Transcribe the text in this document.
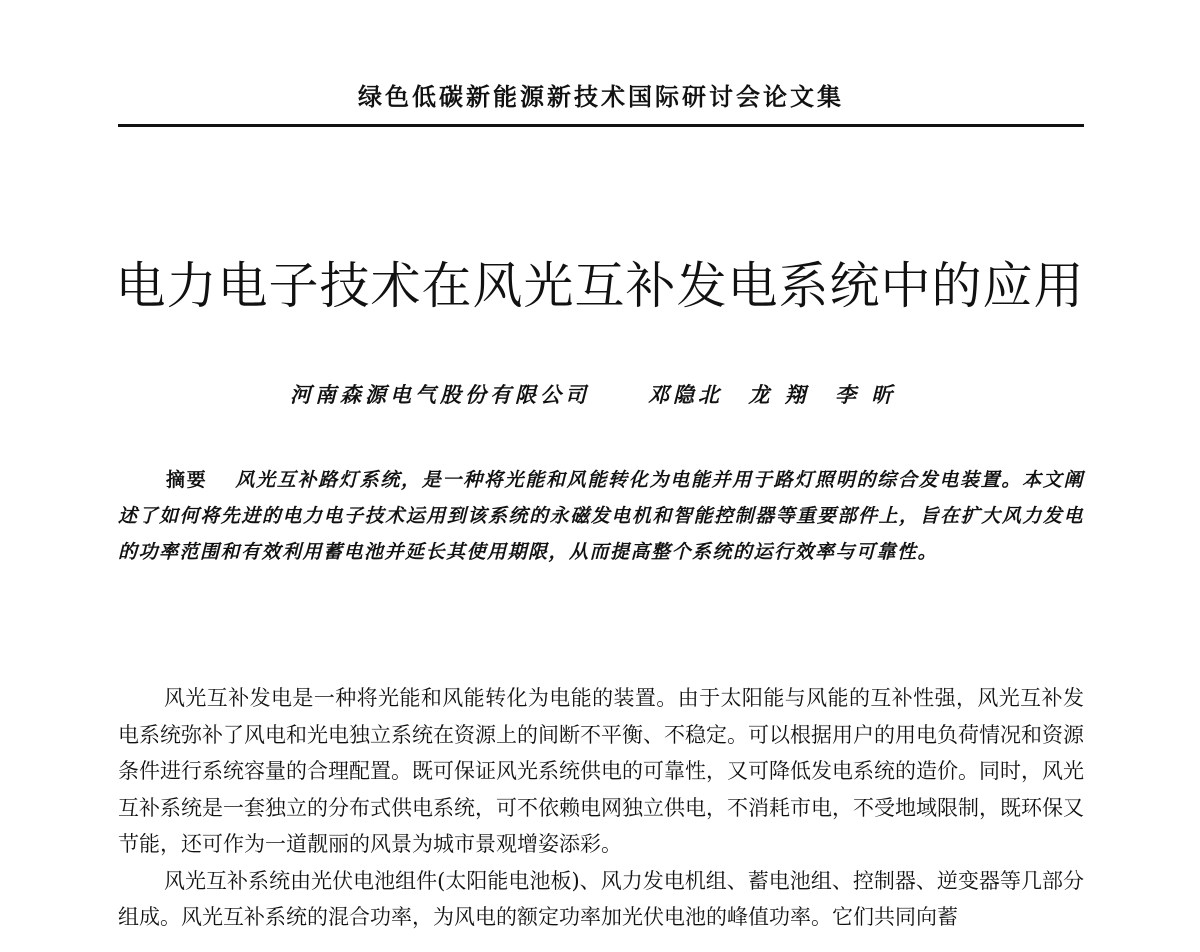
绿色低碳新能源新技术国际研讨会论文集
电力电子技术在风光互补发电系统中的应用
河南森源电气股份有限公司	邓隐北 龙 翔 李 昕
摘要 风光互补路灯系统，是一种将光能和风能转化为电能并用于路灯照明的综合发电装置。本文阐述了如何将先进的电力电子技术运用到该系统的永磁发电机和智能控制器等重要部件上，旨在扩大风力发电的功率范围和有效利用蓄电池并延长其使用期限，从而提高整个系统的运行效率与可靠性。

风光互补发电是一种将光能和风能转化为电能的装置。由于太阳能与风能的互补性强，风光互补发电系统弥补了风电和光电独立系统在资源上的间断不平衡、不稳定。可以根据用户的用电负荷情况和资源条件进行系统容量的合理配置。既可保证风光系统供电的可靠性，又可降低发电系统的造价。同时，风光互补系统是一套独立的分布式供电系统，可不依赖电网独立供电，不消耗市电，不受地域限制，既环保又节能，还可作为一道靓丽的风景为城市景观增姿添彩。

风光互补系统由光伏电池组件(太阳能电池板)、风力发电机组、蓄电池组、控制器、逆变器等几部分组成。风光互补系统的混合功率，为风电的额定功率加光伏电池的峰值功率。它们共同向蓄
